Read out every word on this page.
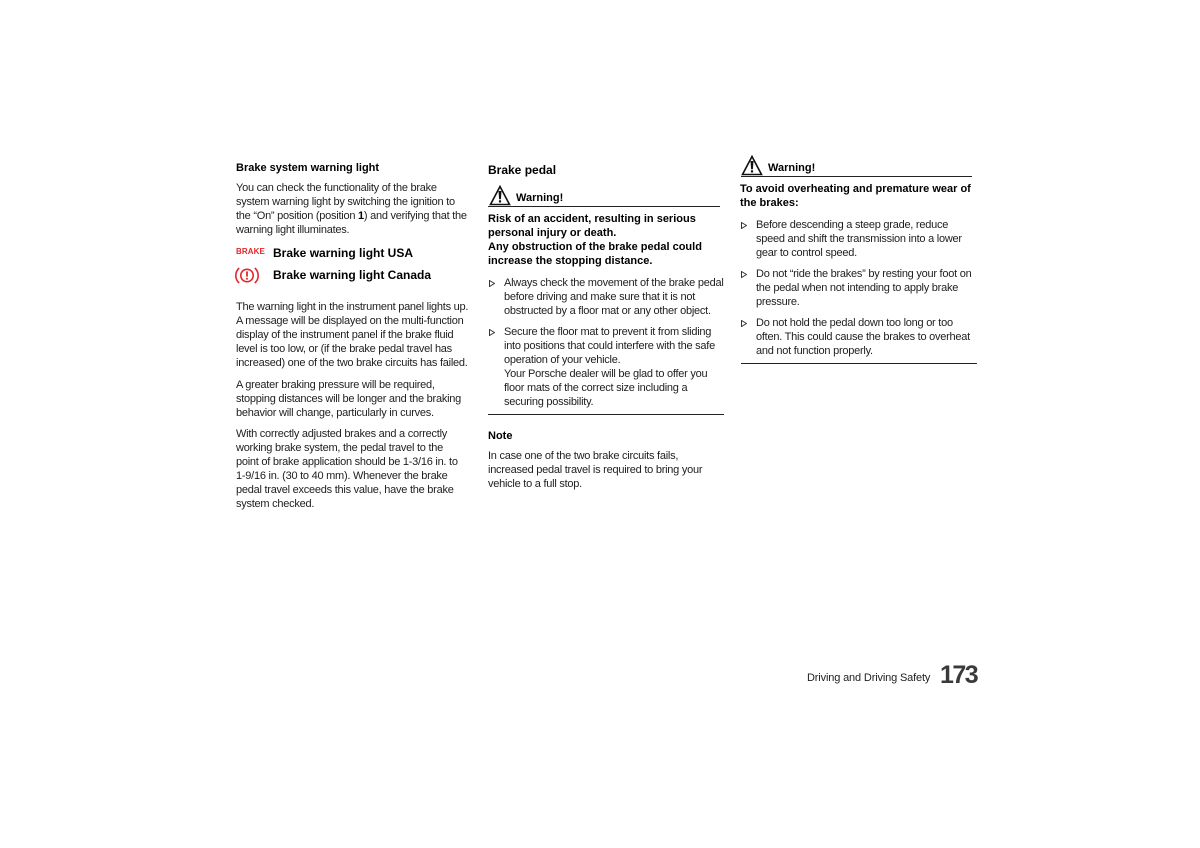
Brake system warning light
You can check the functionality of the brake
system warning light by switching the ignition to
the “On” position (position 1) and verifying that the
warning light illuminates.
BRAKE Brake warning light USA
Brake warning light Canada
The warning light in the instrument panel lights up.
A message will be displayed on the multi-function
display of the instrument panel if the brake fluid
level is too low, or (if the brake pedal travel has
increased) one of the two brake circuits has failed.
A greater braking pressure will be required,
stopping distances will be longer and the braking
behavior will change, particularly in curves.
With correctly adjusted brakes and a correctly
working brake system, the pedal travel to the
point of brake application should be 1-3/16 in. to
1-9/16 in. (30 to 40 mm). Whenever the brake
pedal travel exceeds this value, have the brake
system checked.
Brake pedal
Warning!
Risk of an accident, resulting in serious
personal injury or death.
Any obstruction of the brake pedal could
increase the stopping distance.
Always check the movement of the brake pedal
before driving and make sure that it is not
obstructed by a floor mat or any other object.
Secure the floor mat to prevent it from sliding
into positions that could interfere with the safe
operation of your vehicle.
Your Porsche dealer will be glad to offer you
floor mats of the correct size including a
securing possibility.
Note
In case one of the two brake circuits fails,
increased pedal travel is required to bring your
vehicle to a full stop.
Warning!
To avoid overheating and premature wear of
the brakes:
Before descending a steep grade, reduce
speed and shift the transmission into a lower
gear to control speed.
Do not “ride the brakes” by resting your foot on
the pedal when not intending to apply brake
pressure.
Do not hold the pedal down too long or too
often. This could cause the brakes to overheat
and not function properly.
Driving and Driving Safety 173
